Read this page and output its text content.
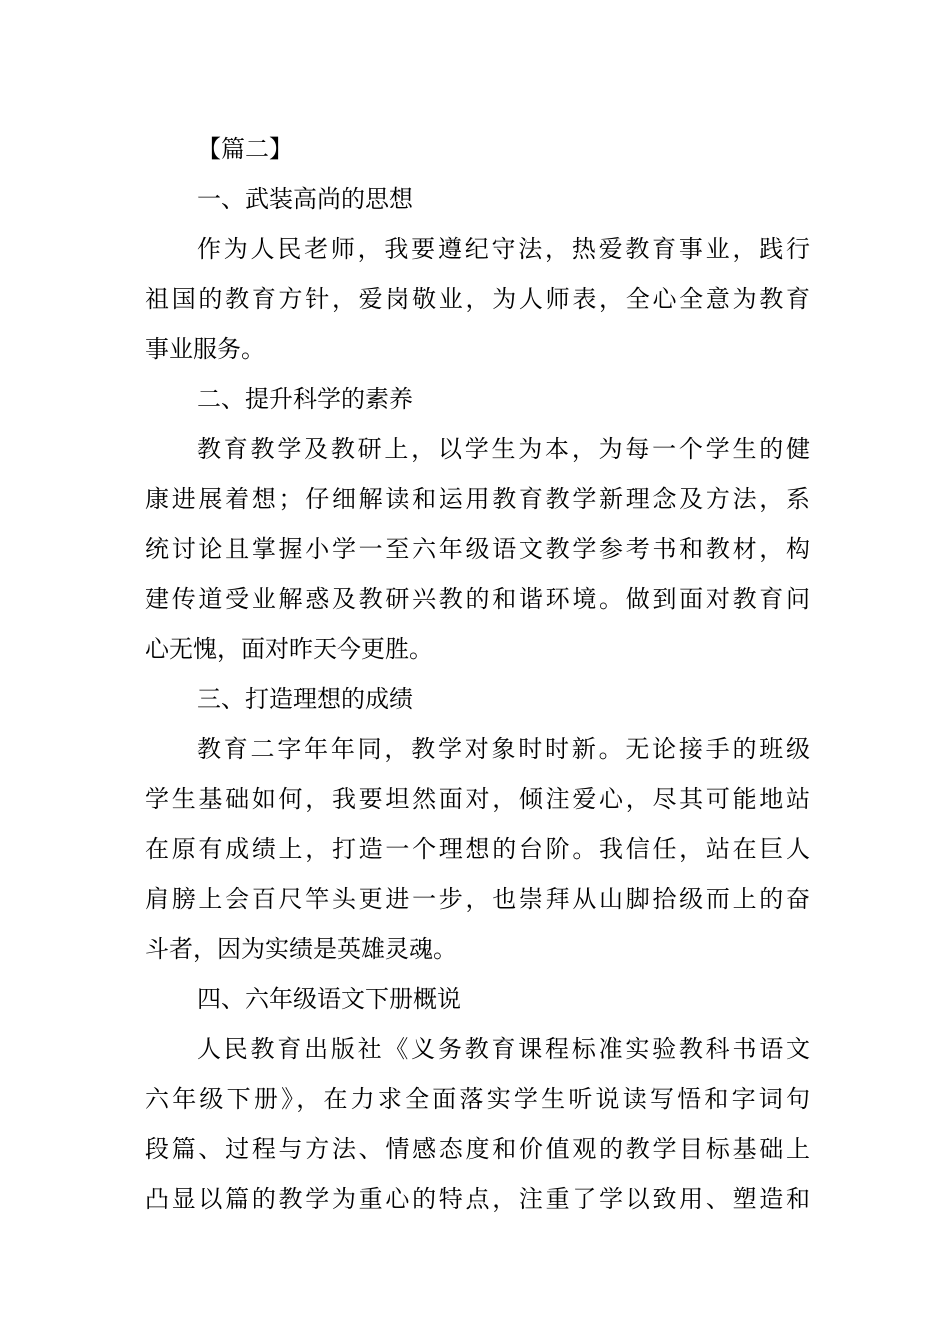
【篇二】
一、武装高尚的思想
作为人民老师，我要遵纪守法，热爱教育事业，践行
祖国的教育方针，爱岗敬业，为人师表，全心全意为教育
事业服务。
二、提升科学的素养
教育教学及教研上，以学生为本，为每一个学生的健
康进展着想；仔细解读和运用教育教学新理念及方法，系
统讨论且掌握小学一至六年级语文教学参考书和教材，构
建传道受业解惑及教研兴教的和谐环境。做到面对教育问
心无愧，面对昨天今更胜。
三、打造理想的成绩
教育二字年年同，教学对象时时新。无论接手的班级
学生基础如何，我要坦然面对，倾注爱心，尽其可能地站
在原有成绩上，打造一个理想的台阶。我信任，站在巨人
肩膀上会百尺竿头更进一步，也崇拜从山脚拾级而上的奋
斗者，因为实绩是英雄灵魂。
四、六年级语文下册概说
人民教育出版社《义务教育课程标准实验教科书语文
六年级下册》，在力求全面落实学生听说读写悟和字词句
段篇、过程与方法、情感态度和价值观的教学目标基础上
凸显以篇的教学为重心的特点，注重了学以致用、塑造和
